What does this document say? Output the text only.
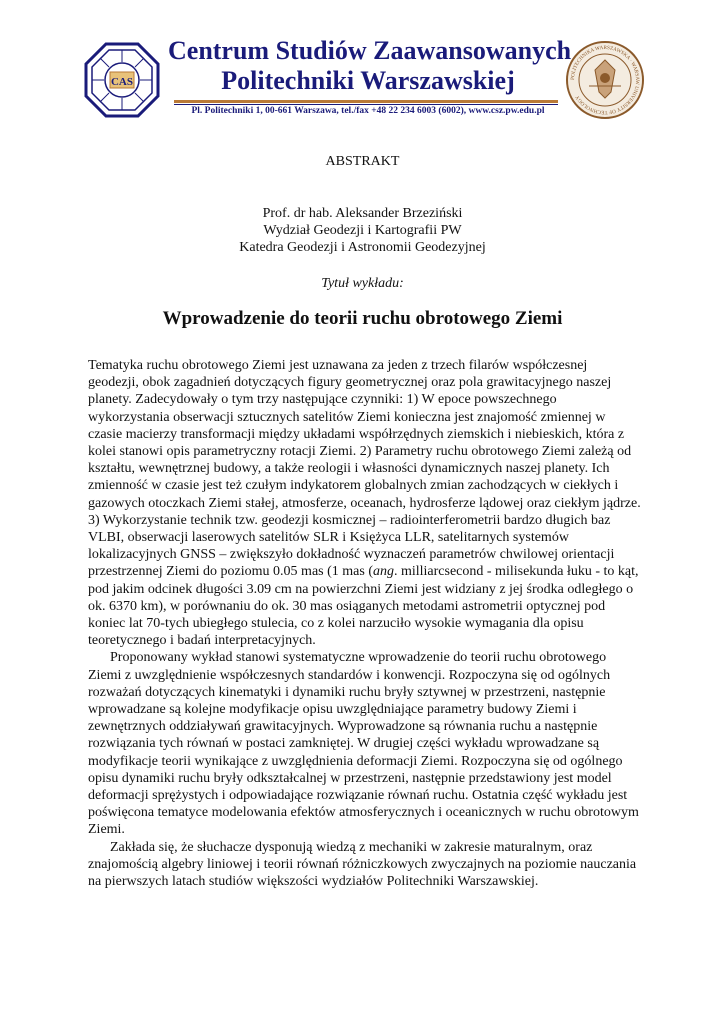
CAS
Centrum Studiów Zaawansowanych
Politechniki Warszawskiej
Pl. Politechniki 1, 00-661 Warszawa, tel./fax +48 22 234 6003 (6002), www.csz.pw.edu.pl
POLITECHNIKA WARSZAWSKA · WARSAW UNIVERSITY OF TECHNOLOGY
ABSTRAKT
Prof. dr hab. Aleksander Brzeziński
Wydział Geodezji i Kartografii PW
Katedra Geodezji i Astronomii Geodezyjnej
Tytuł wykładu:
Wprowadzenie do teorii ruchu obrotowego Ziemi

Tematyka ruchu obrotowego Ziemi jest uznawana za jeden z trzech filarów współczesnej geodezji, obok zagadnień dotyczących figury geometrycznej oraz pola grawitacyjnego naszej planety. Zadecydowały o tym trzy następujące czynniki: 1) W epoce powszechnego wykorzystania obserwacji sztucznych satelitów Ziemi konieczna jest znajomość zmiennej w czasie macierzy transformacji między układami współrzędnych ziemskich i niebieskich, która z kolei stanowi opis parametryczny rotacji Ziemi. 2) Parametry ruchu obrotowego Ziemi zależą od kształtu, wewnętrznej budowy, a także reologii i własności dynamicznych naszej planety. Ich zmienność w czasie jest też czułym indykatorem globalnych zmian zachodzących w ciekłych i gazowych otoczkach Ziemi stałej, atmosferze, oceanach, hydrosferze lądowej oraz ciekłym jądrze. 3) Wykorzystanie technik tzw. geodezji kosmicznej – radiointerferometrii bardzo długich baz VLBI, obserwacji laserowych satelitów SLR i Księżyca LLR, satelitarnych systemów lokalizacyjnych GNSS – zwiększyło dokładność wyznaczeń parametrów chwilowej orientacji przestrzennej Ziemi do poziomu 0.05 mas (1 mas (ang. milliarcsecond - milisekunda łuku - to kąt, pod jakim odcinek długości 3.09 cm na powierzchni Ziemi jest widziany z jej środka odległego o ok. 6370 km), w porównaniu do ok. 30 mas osiąganych metodami astrometrii optycznej pod koniec lat 70-tych ubiegłego stulecia, co z kolei narzuciło wysokie wymagania dla opisu teoretycznego i badań interpretacyjnych.

Proponowany wykład stanowi systematyczne wprowadzenie do teorii ruchu obrotowego Ziemi z uwzględnienie współczesnych standardów i konwencji. Rozpoczyna się od ogólnych rozważań dotyczących kinematyki i dynamiki ruchu bryły sztywnej w przestrzeni, następnie wprowadzane są kolejne modyfikacje opisu uwzględniające parametry budowy Ziemi i zewnętrznych oddziaływań grawitacyjnych. Wyprowadzone są równania ruchu a następnie rozwiązania tych równań w postaci zamkniętej. W drugiej części wykładu wprowadzane są modyfikacje teorii wynikające z uwzględnienia deformacji Ziemi. Rozpoczyna się od ogólnego opisu dynamiki ruchu bryły odkształcalnej w przestrzeni, następnie przedstawiony jest model deformacji sprężystych i odpowiadające rozwiązanie równań ruchu. Ostatnia część wykładu jest poświęcona tematyce modelowania efektów atmosferycznych i oceanicznych w ruchu obrotowym Ziemi.

Zakłada się, że słuchacze dysponują wiedzą z mechaniki w zakresie maturalnym, oraz znajomością algebry liniowej i teorii równań różniczkowych zwyczajnych na poziomie nauczania na pierwszych latach studiów większości wydziałów Politechniki Warszawskiej.
